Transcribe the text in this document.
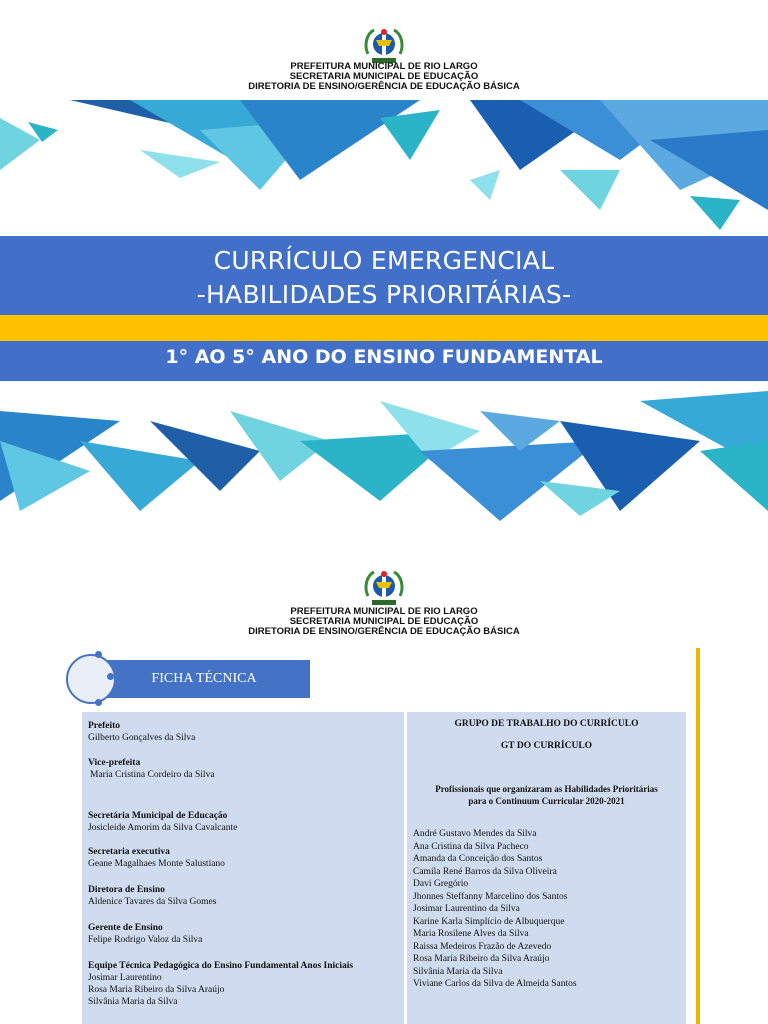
PREFEITURA MUNICIPAL DE RIO LARGO
SECRETARIA MUNICIPAL DE EDUCAÇÃO
DIRETORIA DE ENSINO/GERÊNCIA DE EDUCAÇÃO BÁSICA
CURRÍCULO EMERGENCIAL
-HABILIDADES PRIORITÁRIAS-
1° AO 5° ANO DO ENSINO FUNDAMENTAL
PREFEITURA MUNICIPAL DE RIO LARGO
SECRETARIA MUNICIPAL DE EDUCAÇÃO
DIRETORIA DE ENSINO/GERÊNCIA DE EDUCAÇÃO BÁSICA
FICHA TÉCNICA
Prefeito
Gilberto Gonçalves da Silva
Vice-prefeita
Maria Cristina Cordeiro da Silva
Secretária Municipal de Educação
Josicleide Amorim da Silva Cavalcante
Secretaria executiva
Geane Magalhaes Monte Salustiano
Diretora de Ensino
Aldenice Tavares da Silva Gomes
Gerente de Ensino
Felipe Rodrigo Valoz da Silva
Equipe Técnica Pedagógica do Ensino Fundamental Anos Iniciais
Josimar Laurentino
Rosa Maria Ribeiro da Silva Araújo
Silvânia Maria da Silva
GRUPO DE TRABALHO DO CURRÍCULO
GT DO CURRÍCULO
Profissionais que organizaram as Habilidades Prioritárias
para o Continuum Curricular 2020-2021
André Gustavo Mendes da Silva
Ana Cristina da Silva Pacheco
Amanda da Conceição dos Santos
Camila René Barros da Silva Oliveira
Davi Gregório
Jhonnes Steffanny Marcelino dos Santos
Josimar Laurentino da Silva
Karine Karla Simplício de Albuquerque
Maria Rosilene Alves da Silva
Raissa Medeiros Frazão de Azevedo
Rosa Maria Ribeiro da Silva Araújo
Silvânia Maria da Silva
Viviane Carlos da Silva de Almeida Santos
